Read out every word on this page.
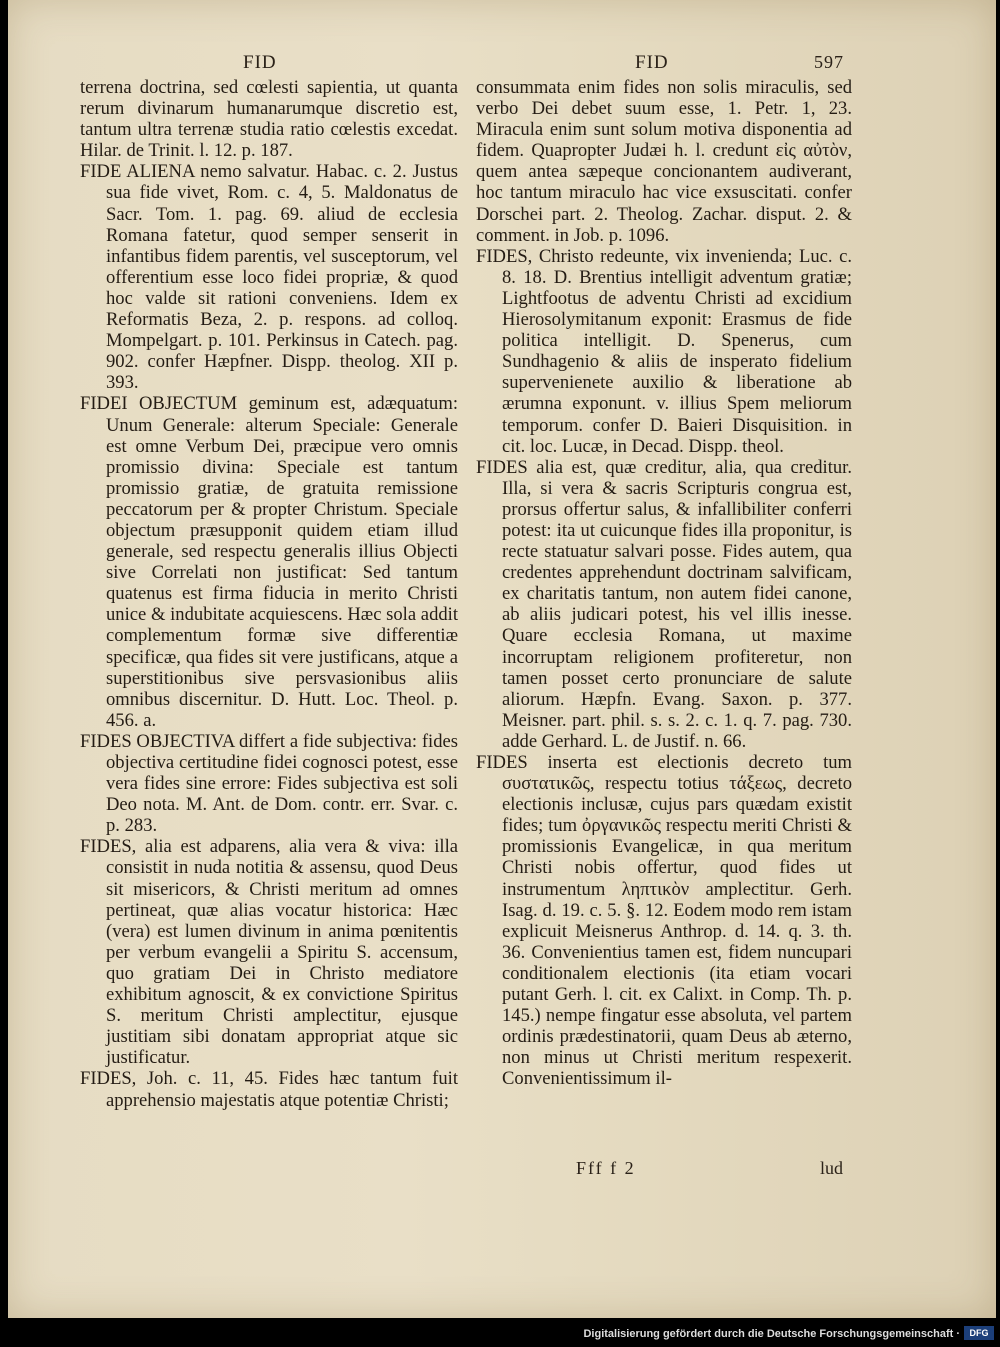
FID	FID	597

terrena doctrina, sed cœlesti sapientia, ut quanta rerum divinarum humanarumque discretio est, tantum ultra terrenæ studia ratio cœlestis excedat. Hilar. de Trinit. l. 12. p. 187.

FIDE ALIENA nemo salvatur. Habac. c. 2. Justus sua fide vivet, Rom. c. 4, 5. Maldonatus de Sacr. Tom. 1. pag. 69. aliud de ecclesia Romana fatetur, quod semper senserit in infantibus fidem parentis, vel susceptorum, vel offerentium esse loco fidei propriæ, & quod hoc valde sit rationi conveniens. Idem ex Reformatis Beza, 2. p. respons. ad colloq. Mompelgart. p. 101. Perkinsus in Catech. pag. 902. confer Hæpfner. Dispp. theolog. XII p. 393.

FIDEI OBJECTUM geminum est, adæquatum: Unum Generale: alterum Speciale: Generale est omne Verbum Dei, præcipue vero omnis promissio divina: Speciale est tantum promissio gratiæ, de gratuita remissione peccatorum per & propter Christum. Speciale objectum præsupponit quidem etiam illud generale, sed respectu generalis illius Objecti sive Correlati non justificat: Sed tantum quatenus est firma fiducia in merito Christi unice & indubitate acquiescens. Hæc sola addit complementum formæ sive differentiæ specificæ, qua fides sit vere justificans, atque a superstitionibus sive persvasionibus aliis omnibus discernitur. D. Hutt. Loc. Theol. p. 456. a.

FIDES OBJECTIVA differt a fide subjectiva: fides objectiva certitudine fidei cognosci potest, esse vera fides sine errore: Fides subjectiva est soli Deo nota. M. Ant. de Dom. contr. err. Svar. c. p. 283.

FIDES, alia est adparens, alia vera & viva: illa consistit in nuda notitia & assensu, quod Deus sit misericors, & Christi meritum ad omnes pertineat, quæ alias vocatur historica: Hæc (vera) est lumen divinum in anima pœnitentis per verbum evangelii a Spiritu S. accensum, quo gratiam Dei in Christo mediatore exhibitum agnoscit, & ex convictione Spiritus S. meritum Christi amplectitur, ejusque justitiam sibi donatam appropriat atque sic justificatur.

FIDES, Joh. c. 11, 45. Fides hæc tantum fuit apprehensio majestatis atque potentiæ Christi;

consummata enim fides non solis miraculis, sed verbo Dei debet suum esse, 1. Petr. 1, 23. Miracula enim sunt solum motiva disponentia ad fidem. Quapropter Judæi h. l. credunt εἰς αὐτὸν, quem antea sæpeque concionantem audiverant, hoc tantum miraculo hac vice exsuscitati. confer Dorschei part. 2. Theolog. Zachar. disput. 2. & comment. in Job. p. 1096.

FIDES, Christo redeunte, vix invenienda; Luc. c. 8. 18. D. Brentius intelligit adventum gratiæ; Lightfootus de adventu Christi ad excidium Hierosolymitanum exponit: Erasmus de fide politica intelligit. D. Spenerus, cum Sundhagenio & aliis de insperato fidelium supervenienete auxilio & liberatione ab ærumna exponunt. v. illius Spem meliorum temporum. confer D. Baieri Disquisition. in cit. loc. Lucæ, in Decad. Dispp. theol.

FIDES alia est, quæ creditur, alia, qua creditur. Illa, si vera & sacris Scripturis congrua est, prorsus offertur salus, & infallibiliter conferri potest: ita ut cuicunque fides illa proponitur, is recte statuatur salvari posse. Fides autem, qua credentes apprehendunt doctrinam salvificam, ex charitatis tantum, non autem fidei canone, ab aliis judicari potest, his vel illis inesse. Quare ecclesia Romana, ut maxime incorruptam religionem profiteretur, non tamen posset certo pronunciare de salute aliorum. Hæpfn. Evang. Saxon. p. 377. Meisner. part. phil. s. s. 2. c. 1. q. 7. pag. 730. adde Gerhard. L. de Justif. n. 66.

FIDES inserta est electionis decreto tum συστατικῶς, respectu totius τάξεως, decreto electionis inclusæ, cujus pars quædam existit fides; tum ὀργανικῶς respectu meriti Christi & promissionis Evangelicæ, in qua meritum Christi nobis offertur, quod fides ut instrumentum ληπτικὸν amplectitur. Gerh. Isag. d. 19. c. 5. §. 12. Eodem modo rem istam explicuit Meisnerus Anthrop. d. 14. q. 3. th. 36. Convenientius tamen est, fidem nuncupari conditionalem electionis (ita etiam vocari putant Gerh. l. cit. ex Calixt. in Comp. Th. p. 145.) nempe fingatur esse absoluta, vel partem ordinis prædestinatorii, quam Deus ab æterno, non minus ut Christi meritum respexerit. Convenientissimum il-

Fff f 2	lud
Digitalisierung gefördert durch die Deutsche Forschungsgemeinschaft ·	DFG
